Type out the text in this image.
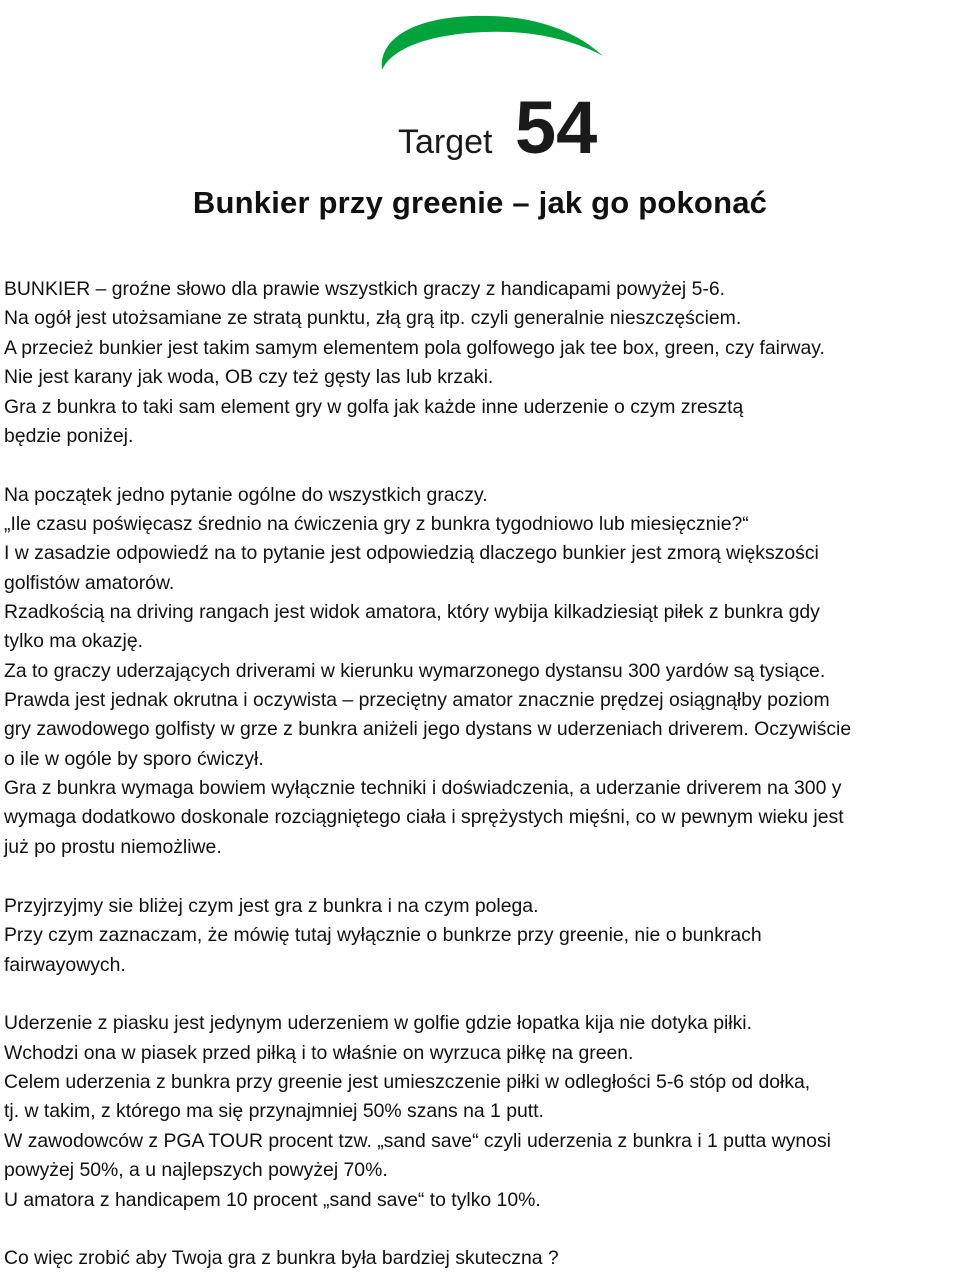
Target 54
Bunkier przy greenie – jak go pokonać
BUNKIER – groźne słowo dla prawie wszystkich graczy z handicapami powyżej 5-6.
Na ogół jest utożsamiane ze stratą punktu, złą grą itp. czyli generalnie nieszczęściem.
A przecież bunkier jest takim samym elementem pola golfowego jak tee box, green, czy fairway.
Nie jest karany jak woda, OB czy też gęsty las lub krzaki.
Gra z bunkra to taki sam element gry w golfa jak każde inne uderzenie o czym zresztą
będzie poniżej.
Na początek jedno pytanie ogólne do wszystkich graczy.
„Ile czasu poświęcasz średnio na ćwiczenia gry z bunkra tygodniowo lub miesięcznie?“
I w zasadzie odpowiedź na to pytanie jest odpowiedzią dlaczego bunkier jest zmorą większości
golfistów amatorów.
Rzadkością na driving rangach jest widok amatora, który wybija kilkadziesiąt piłek z bunkra gdy
tylko ma okazję.
Za to graczy uderzających driverami w kierunku wymarzonego dystansu 300 yardów są tysiące.
Prawda jest jednak okrutna i oczywista – przeciętny amator znacznie prędzej osiągnąłby poziom
gry zawodowego golfisty w grze z bunkra aniżeli jego dystans w uderzeniach driverem. Oczywiście
o ile w ogóle by sporo ćwiczył.
Gra z bunkra wymaga bowiem wyłącznie techniki i doświadczenia, a uderzanie driverem na 300 y
wymaga dodatkowo doskonale rozciągniętego ciała i sprężystych mięśni, co w pewnym wieku jest
już po prostu niemożliwe.
Przyjrzyjmy sie bliżej czym jest gra z bunkra i na czym polega.
Przy czym zaznaczam, że mówię tutaj wyłącznie o bunkrze przy greenie, nie o bunkrach
fairwayowych.
Uderzenie z piasku jest jedynym uderzeniem w golfie gdzie łopatka kija nie dotyka piłki.
Wchodzi ona w piasek przed piłką i to właśnie on wyrzuca piłkę na green.
Celem uderzenia z bunkra przy greenie jest umieszczenie piłki w odległości 5-6 stóp od dołka,
tj. w takim, z którego ma się przynajmniej 50% szans na 1 putt.
W zawodowców z PGA TOUR procent tzw. „sand save“ czyli uderzenia z bunkra i 1 putta wynosi
powyżej 50%, a u najlepszych powyżej 70%.
U amatora z handicapem 10 procent „sand save“ to tylko 10%.
Co więc zrobić aby Twoja gra z bunkra była bardziej skuteczna ?
